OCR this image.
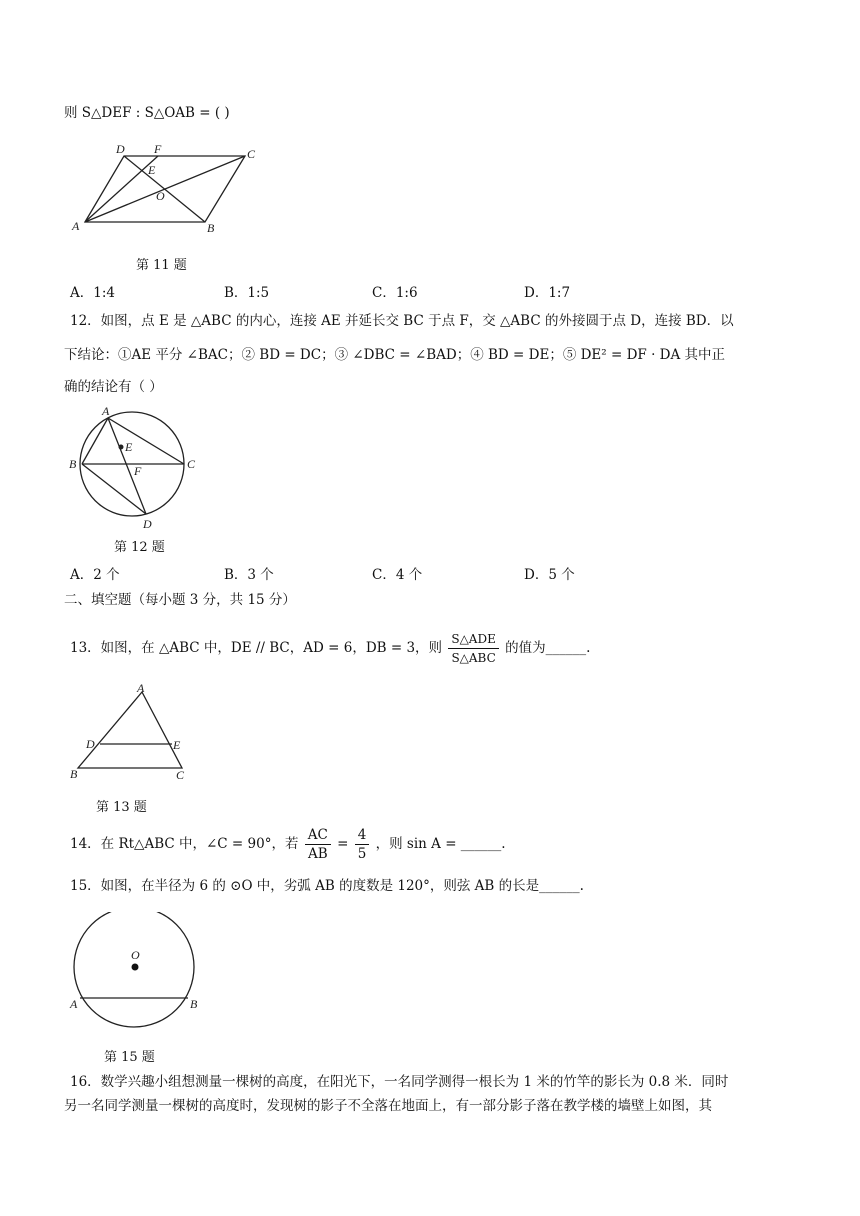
则 S△DEF : S△OAB = ( )
D F	C
E
O
A	B
第 11 题
A．1:4	B．1:5	C．1:6	D．1:7
12．如图，点 E 是 △ABC 的内心，连接 AE 并延长交 BC 于点 F，交 △ABC 的外接圆于点 D，连接 BD．以
下结论：①AE 平分 ∠BAC；② BD = DC；③ ∠DBC = ∠BAD；④ BD = DE；⑤ DE² = DF · DA 其中正
确的结论有（ ）
A
E
B	C
F
D
第 12 题
A．2 个	B．3 个	C．4 个	D．5 个
二、填空题（每小题 3 分，共 15 分）
13．如图，在 △ABC 中，DE // BC，AD = 6，DB = 3，则 $\frac{\text{S△ADE}}{\text{S△ABC}}$ 的值为______.
A
D	E
B	C
第 13 题
14．在 Rt△ABC 中，∠C = 90°，若 $\frac{AC}{AB} = \frac{4}{5}$ ，则 sin A = ______.
15．如图，在半径为 6 的 ⊙O 中，劣弧 AB 的度数是 120°，则弦 AB 的长是______.
O
A	B
第 15 题
16．数学兴趣小组想测量一棵树的高度，在阳光下，一名同学测得一根长为 1 米的竹竿的影长为 0.8 米．同时
另一名同学测量一棵树的高度时，发现树的影子不全落在地面上，有一部分影子落在教学楼的墙壁上如图，其
